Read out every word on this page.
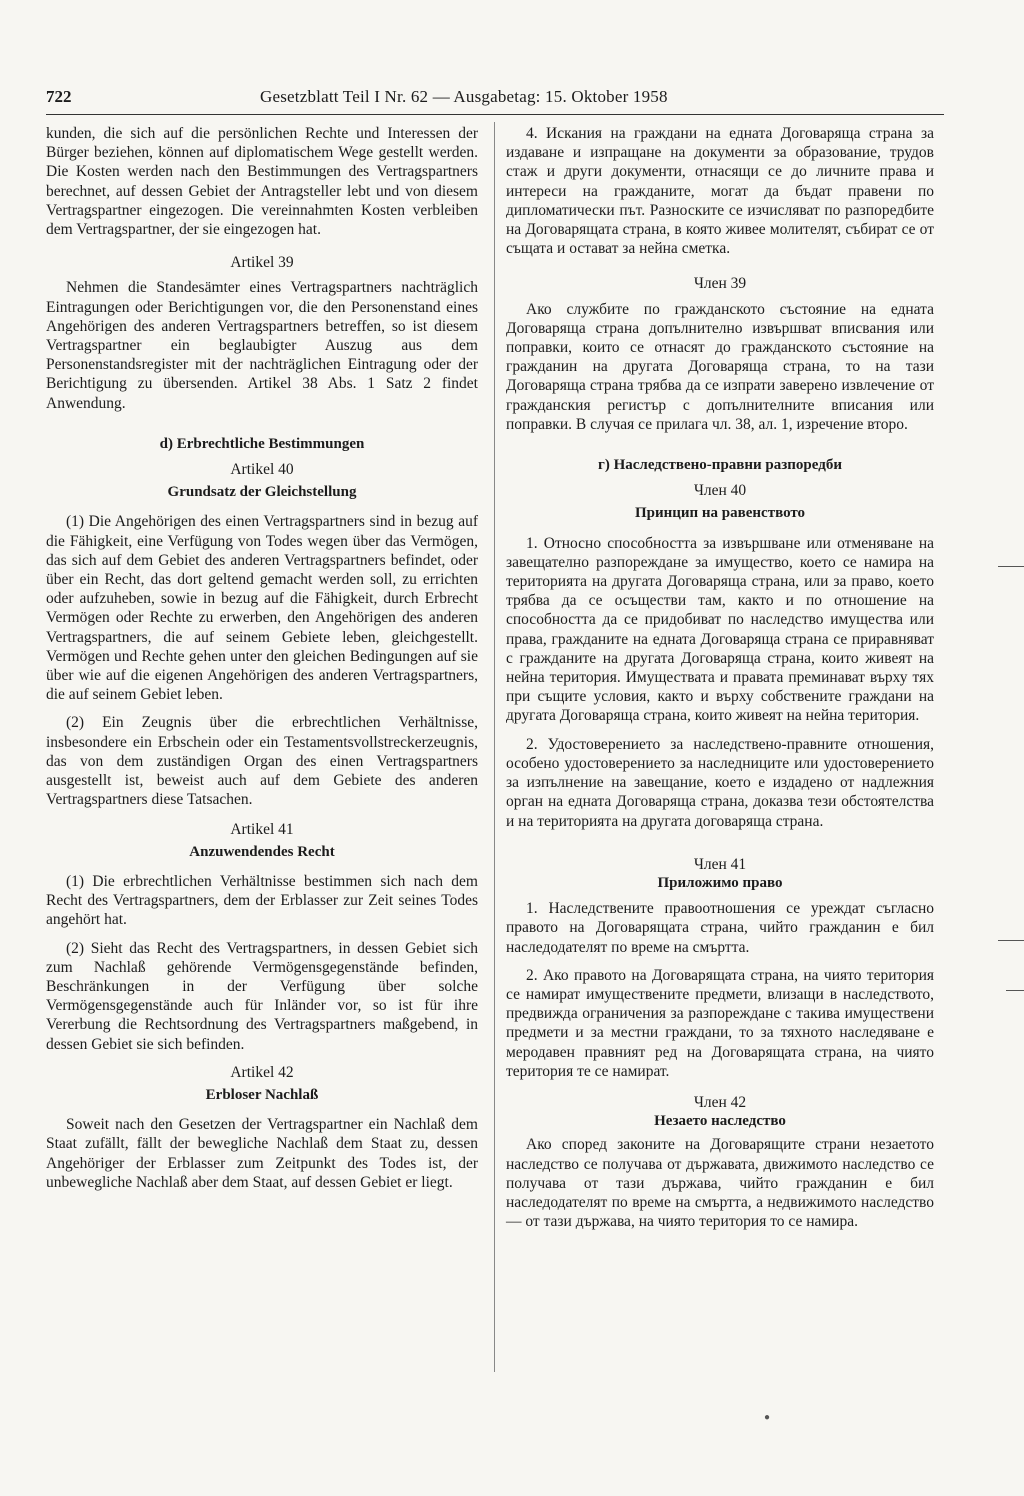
722	Gesetzblatt Teil I Nr. 62 — Ausgabetag: 15. Oktober 1958

kunden, die sich auf die persönlichen Rechte und Interessen der Bürger beziehen, können auf diplomatischem Wege gestellt werden. Die Kosten werden nach den Bestimmungen des Vertragspartners berechnet, auf dessen Gebiet der Antragsteller lebt und von diesem Vertragspartner eingezogen. Die vereinnahmten Kosten verbleiben dem Vertragspartner, der sie eingezogen hat.

Artikel 39

Nehmen die Standesämter eines Vertragspartners nachträglich Eintragungen oder Berichtigungen vor, die den Personenstand eines Angehörigen des anderen Vertragspartners betreffen, so ist diesem Vertragspartner ein beglaubigter Auszug aus dem Personenstandsregister mit der nachträglichen Eintragung oder der Berichtigung zu übersenden. Artikel 38 Abs. 1 Satz 2 findet Anwendung.

d) Erbrechtliche Bestimmungen

Artikel 40

Grundsatz der Gleichstellung

(1) Die Angehörigen des einen Vertragspartners sind in bezug auf die Fähigkeit, eine Verfügung von Todes wegen über das Vermögen, das sich auf dem Gebiet des anderen Vertragspartners befindet, oder über ein Recht, das dort geltend gemacht werden soll, zu errichten oder aufzuheben, sowie in bezug auf die Fähigkeit, durch Erbrecht Vermögen oder Rechte zu erwerben, den Angehörigen des anderen Vertragspartners, die auf seinem Gebiete leben, gleichgestellt. Vermögen und Rechte gehen unter den gleichen Bedingungen auf sie über wie auf die eigenen Angehörigen des anderen Vertragspartners, die auf seinem Gebiet leben.

(2) Ein Zeugnis über die erbrechtlichen Verhältnisse, insbesondere ein Erbschein oder ein Testamentsvollstreckerzeugnis, das von dem zuständigen Organ des einen Vertragspartners ausgestellt ist, beweist auch auf dem Gebiete des anderen Vertragspartners diese Tatsachen.

Artikel 41

Anzuwendendes Recht

(1) Die erbrechtlichen Verhältnisse bestimmen sich nach dem Recht des Vertragspartners, dem der Erblasser zur Zeit seines Todes angehört hat.

(2) Sieht das Recht des Vertragspartners, in dessen Gebiet sich zum Nachlaß gehörende Vermögensgegenstände befinden, Beschränkungen in der Verfügung über solche Vermögensgegenstände auch für Inländer vor, so ist für ihre Vererbung die Rechtsordnung des Vertragspartners maßgebend, in dessen Gebiet sie sich befinden.

Artikel 42

Erbloser Nachlaß

Soweit nach den Gesetzen der Vertragspartner ein Nachlaß dem Staat zufällt, fällt der bewegliche Nachlaß dem Staat zu, dessen Angehöriger der Erblasser zum Zeitpunkt des Todes ist, der unbewegliche Nachlaß aber dem Staat, auf dessen Gebiet er liegt.

4. Искания на граждани на едната Договаряща страна за издаване и изпращане на документи за образование, трудов стаж и други документи, отнасящи се до личните права и интереси на гражданите, могат да бъдат правени по дипломатически път. Разноските се изчисляват по разпоредбите на Договарящата страна, в която живее молителят, събират се от същата и остават за нейна сметка.

Член 39

Ако службите по гражданското състояние на едната Договаряща страна допълнително извършват вписвания или поправки, които се отнасят до гражданското състояние на гражданин на другата Договаряща страна, то на тази Договаряща страна трябва да се изпрати заверено извлечение от гражданския регистър с допълнителните вписания или поправки. В случая се прилага чл. 38, ал. 1, изречение второ.

г) Наследствено-правни разпоредби

Член 40

Принцип на равенството

1. Относно способността за извършване или отменяване на завещателно разпореждане за имущество, което се намира на територията на другата Договаряща страна, или за право, което трябва да се осъществи там, както и по отношение на способността да се придобиват по наследство имущества или права, гражданите на едната Договаряща страна се приравняват с гражданите на другата Договаряща страна, които живеят на нейна територия. Имуществата и правата преминават върху тях при същите условия, както и върху собствените граждани на другата Договаряща страна, които живеят на нейна територия.

2. Удостоверението за наследствено-правните отношения, особено удостоверението за наследниците или удостоверението за изпълнение на завещание, което е издадено от надлежния орган на едната Договаряща страна, доказва тези обстоятелства и на територията на другата договаряща страна.

Член 41

Приложимо право

1. Наследствените правоотношения се уреждат съгласно правото на Договарящата страна, чийто гражданин е бил наследодателят по време на смъртта.

2. Ако правото на Договарящата страна, на чиято територия се намират имуществените предмети, влизащи в наследството, предвижда ограничения за разпореждане с такива имуществени предмети и за местни граждани, то за тяхното наследяване е меродавен правният ред на Договарящата страна, на чиято територия те се намират.

Член 42

Незаето наследство

Ако според законите на Договарящите страни незаетото наследство се получава от държавата, движимото наследство се получава от тази държава, чийто гражданин е бил наследодателят по време на смъртта, а недвижимото наследство — от тази държава, на чиято територия то се намира.

●
